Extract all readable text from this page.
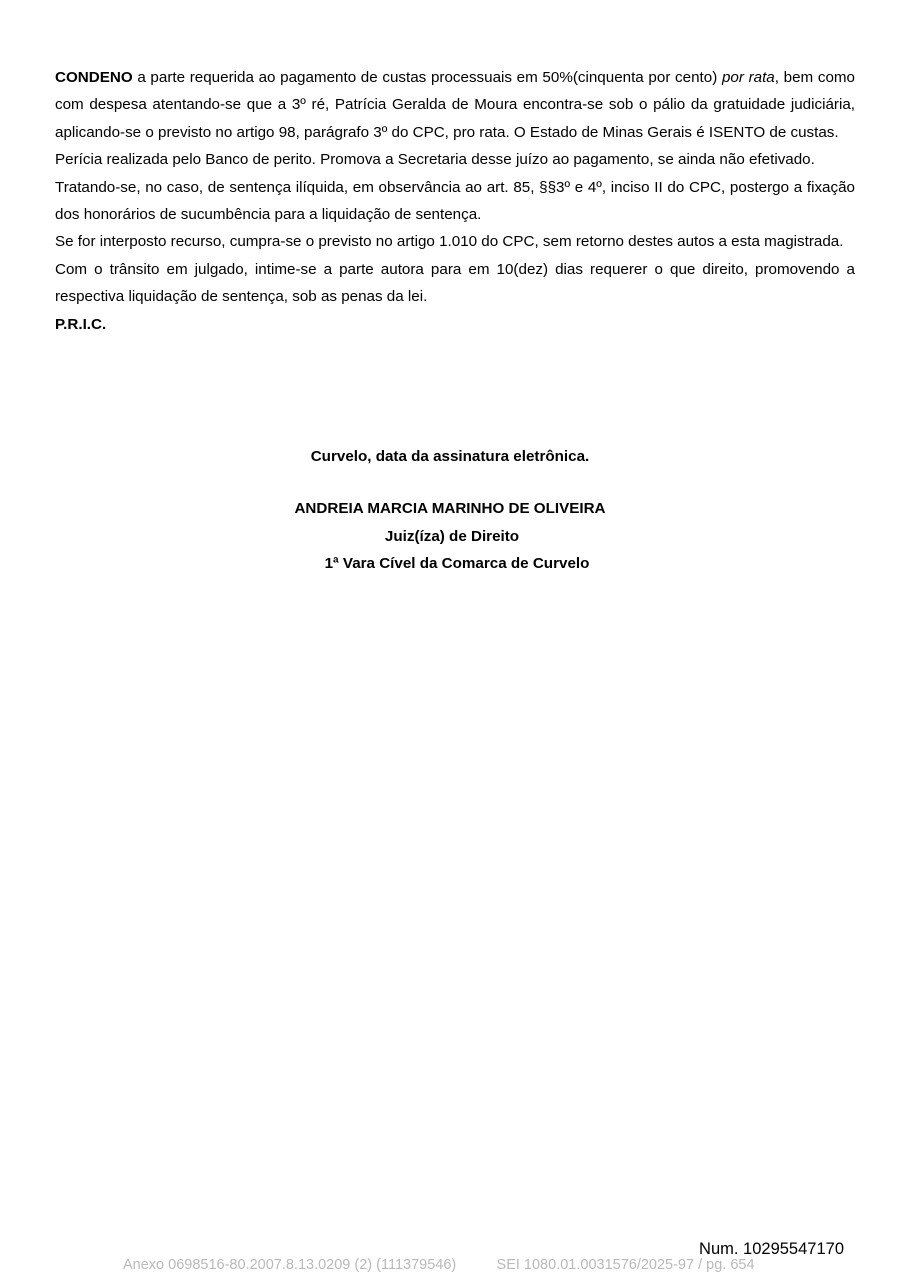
CONDENO a parte requerida ao pagamento de custas processuais em 50%(cinquenta por cento) por rata, bem como com despesa atentando-se que a 3º ré, Patrícia Geralda de Moura encontra-se sob o pálio da gratuidade judiciária, aplicando-se o previsto no artigo 98, parágrafo 3º do CPC, pro rata. O Estado de Minas Gerais é ISENTO de custas.

Perícia realizada pelo Banco de perito. Promova a Secretaria desse juízo ao pagamento, se ainda não efetivado.

Tratando-se, no caso, de sentença ilíquida, em observância ao art. 85, §§3º e 4º, inciso II do CPC, postergo a fixação dos honorários de sucumbência para a liquidação de sentença.

Se for interposto recurso, cumpra-se o previsto no artigo 1.010 do CPC, sem retorno destes autos a esta magistrada.

Com o trânsito em julgado, intime-se a parte autora para em 10(dez) dias requerer o que direito, promovendo a respectiva liquidação de sentença, sob as penas da lei.

P.R.I.C.

Curvelo, data da assinatura eletrônica.
ANDREIA MARCIA MARINHO DE OLIVEIRA
Juiz(íza) de Direito
1ª Vara Cível da Comarca de Curvelo
Num. 10295547170
Anexo 0698516-80.2007.8.13.0209 (2) (111379546)	SEI 1080.01.0031576/2025-97 / pg. 654
